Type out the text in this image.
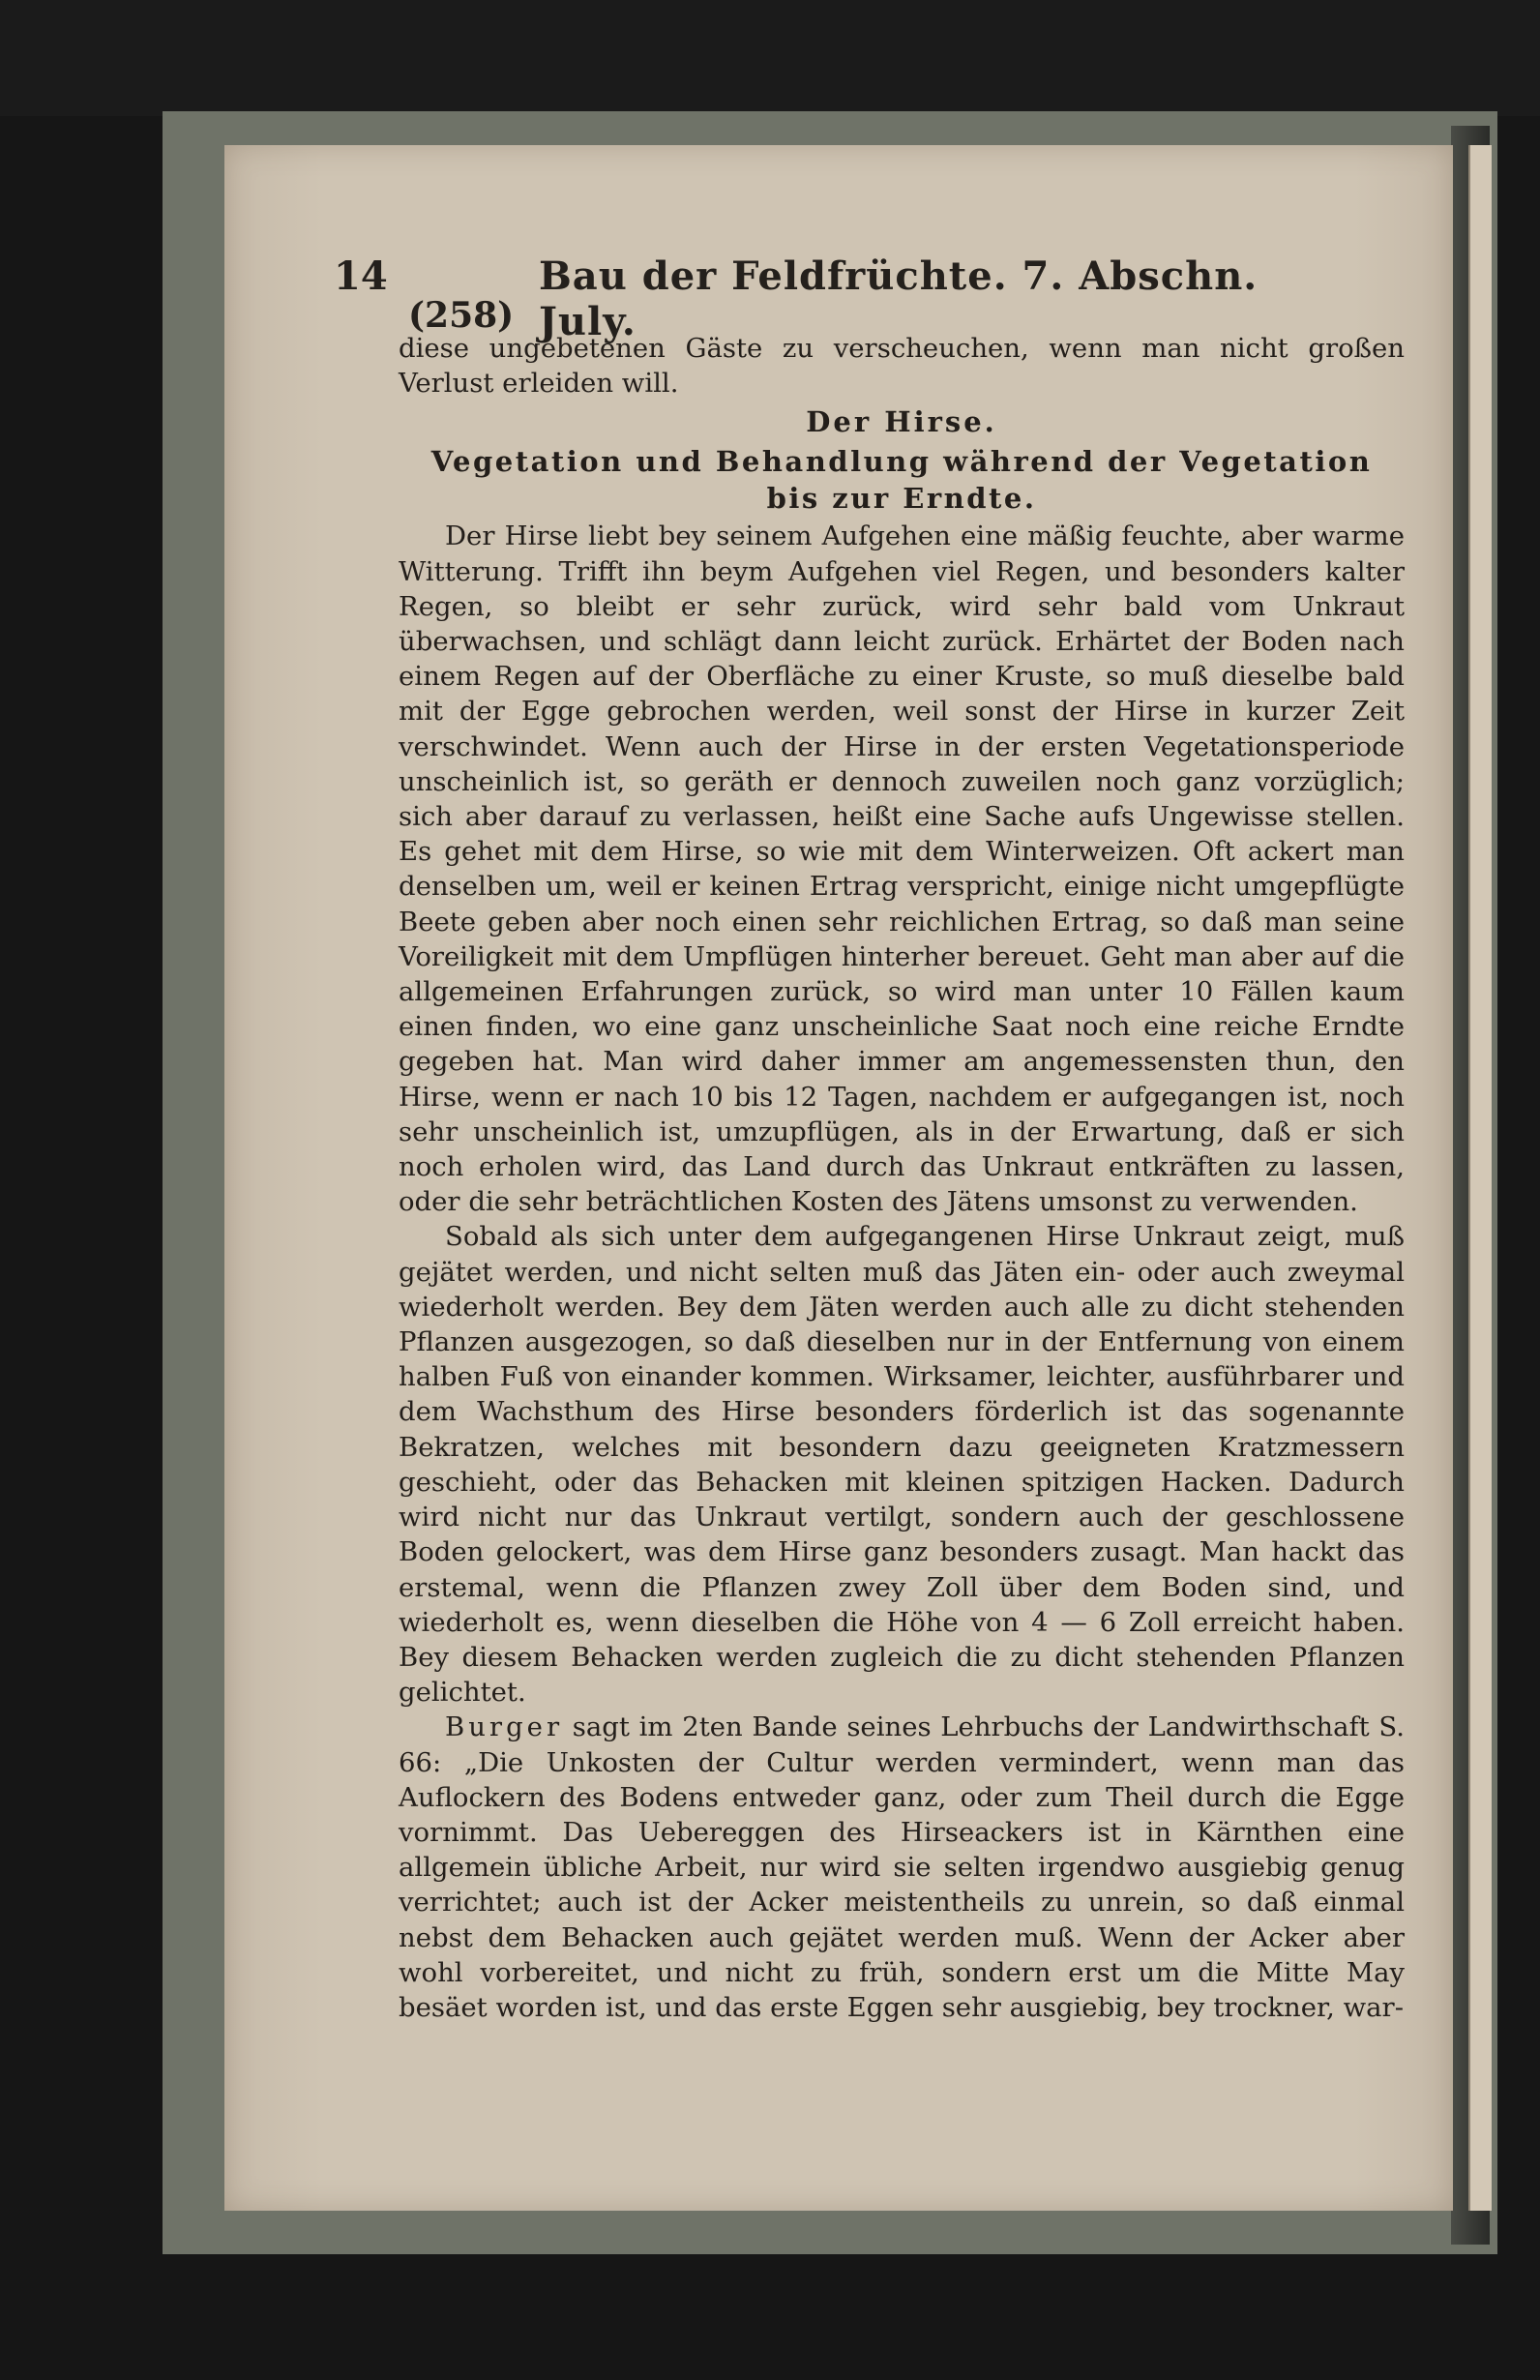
14	Bau der Feldfrüchte. 7. Abschn. July.
(258)

diese ungebetenen Gäste zu verscheuchen, wenn man nicht großen Verlust erleiden will.

Der Hirse.
Vegetation und Behandlung während der Vegetation bis zur Erndte.

Der Hirse liebt bey seinem Aufgehen eine mäßig feuchte, aber warme Witterung. Trifft ihn beym Aufgehen viel Regen, und besonders kalter Regen, so bleibt er sehr zurück, wird sehr bald vom Unkraut überwachsen, und schlägt dann leicht zurück. Erhärtet der Boden nach einem Regen auf der Oberfläche zu einer Kruste, so muß dieselbe bald mit der Egge gebrochen werden, weil sonst der Hirse in kurzer Zeit verschwindet. Wenn auch der Hirse in der ersten Vegetationsperiode unscheinlich ist, so geräth er dennoch zuweilen noch ganz vorzüglich; sich aber darauf zu verlassen, heißt eine Sache aufs Ungewisse stellen. Es gehet mit dem Hirse, so wie mit dem Winterweizen. Oft ackert man denselben um, weil er keinen Ertrag verspricht, einige nicht umgepflügte Beete geben aber noch einen sehr reichlichen Ertrag, so daß man seine Voreiligkeit mit dem Umpflügen hinterher bereuet. Geht man aber auf die allgemeinen Erfahrungen zurück, so wird man unter 10 Fällen kaum einen finden, wo eine ganz unscheinliche Saat noch eine reiche Erndte gegeben hat. Man wird daher immer am angemessensten thun, den Hirse, wenn er nach 10 bis 12 Tagen, nachdem er aufgegangen ist, noch sehr unscheinlich ist, umzupflügen, als in der Erwartung, daß er sich noch erholen wird, das Land durch das Unkraut entkräften zu lassen, oder die sehr beträchtlichen Kosten des Jätens umsonst zu verwenden.

Sobald als sich unter dem aufgegangenen Hirse Unkraut zeigt, muß gejätet werden, und nicht selten muß das Jäten ein- oder auch zweymal wiederholt werden. Bey dem Jäten werden auch alle zu dicht stehenden Pflanzen ausgezogen, so daß dieselben nur in der Entfernung von einem halben Fuß von einander kommen. Wirksamer, leichter, ausführbarer und dem Wachsthum des Hirse besonders förderlich ist das sogenannte Bekratzen, welches mit besondern dazu geeigneten Kratzmessern geschieht, oder das Behacken mit kleinen spitzigen Hacken. Dadurch wird nicht nur das Unkraut vertilgt, sondern auch der geschlossene Boden gelockert, was dem Hirse ganz besonders zusagt. Man hackt das erstemal, wenn die Pflanzen zwey Zoll über dem Boden sind, und wiederholt es, wenn dieselben die Höhe von 4 — 6 Zoll erreicht haben. Bey diesem Behacken werden zugleich die zu dicht stehenden Pflanzen gelichtet.

Burger sagt im 2ten Bande seines Lehrbuchs der Landwirthschaft S. 66: „Die Unkosten der Cultur werden vermindert, wenn man das Auflockern des Bodens entweder ganz, oder zum Theil durch die Egge vornimmt. Das Uebereggen des Hirseackers ist in Kärnthen eine allgemein übliche Arbeit, nur wird sie selten irgendwo ausgiebig genug verrichtet; auch ist der Acker meistentheils zu unrein, so daß einmal nebst dem Behacken auch gejätet werden muß. Wenn der Acker aber wohl vorbereitet, und nicht zu früh, sondern erst um die Mitte May besäet worden ist, und das erste Eggen sehr ausgiebig, bey trockner, war-
